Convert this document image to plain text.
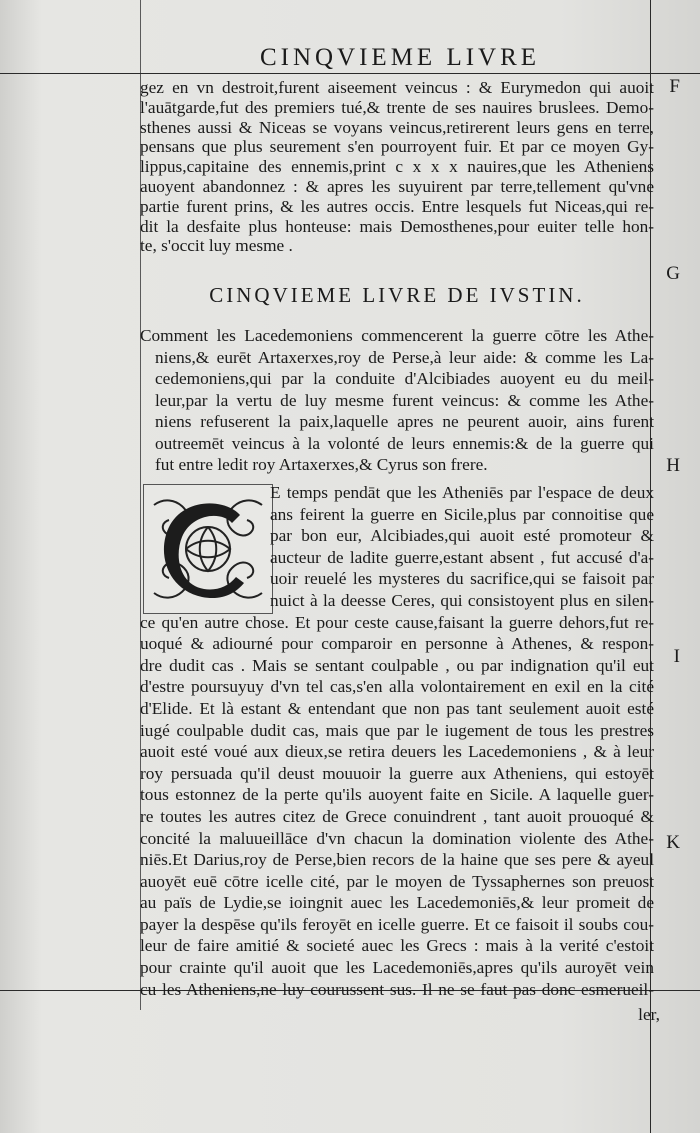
CINQVIEME LIVRE
F
G
H
I
K
gez en vn destroit,furent aiseement veincus : & Eurymedon qui auoit
l'auātgarde,fut des premiers tué,& trente de ses nauires bruslees. Demo-
sthenes aussi & Niceas se voyans veincus,retirerent leurs gens en terre,
pensans que plus seurement s'en pourroyent fuir. Et par ce moyen Gy-
lippus,capitaine des ennemis,print c x x x nauires,que les Atheniens
auoyent abandonnez : & apres les suyuirent par terre,tellement qu'vne
partie furent prins, & les autres occis. Entre lesquels fut Niceas,qui re-
dit la desfaite plus honteuse: mais Demosthenes,pour euiter telle hon-
te, s'occit luy mesme .
CINQVIEME LIVRE DE IVSTIN.
Comment les Lacedemoniens commencerent la guerre cōtre les Athe-
niens,& eurēt Artaxerxes,roy de Perse,à leur aide: & comme les La-
cedemoniens,qui par la conduite d'Alcibiades auoyent eu du meil-
leur,par la vertu de luy mesme furent veincus: & comme les Athe-
niens refuserent la paix,laquelle apres ne peurent auoir, ains furent
outreemēt veincus à la volonté de leurs ennemis:& de la guerre qui
fut entre ledit roy Artaxerxes,& Cyrus son frere.
E temps pendāt que les Atheniēs par l'espace de deux
ans feirent la guerre en Sicile,plus par connoitise que
par bon eur, Alcibiades,qui auoit esté promoteur &
aucteur de ladite guerre,estant absent , fut accusé d'a-
uoir reuelé les mysteres du sacrifice,qui se faisoit par
nuict à la deesse Ceres, qui consistoyent plus en silen-
ce qu'en autre chose. Et pour ceste cause,faisant la guerre dehors,fut re-
uoqué & adiourné pour comparoir en personne à Athenes, & respon-
dre dudit cas . Mais se sentant coulpable , ou par indignation qu'il eut
d'estre poursuyuy d'vn tel cas,s'en alla volontairement en exil en la cité
d'Elide. Et là estant & entendant que non pas tant seulement auoit esté
iugé coulpable dudit cas, mais que par le iugement de tous les prestres
auoit esté voué aux dieux,se retira deuers les Lacedemoniens , & à leur
roy persuada qu'il deust mouuoir la guerre aux Atheniens, qui estoyēt
tous estonnez de la perte qu'ils auoyent faite en Sicile. A laquelle guer-
re toutes les autres citez de Grece conuindrent , tant auoit prouoqué &
concité la maluueillāce d'vn chacun la domination violente des Athe-
niēs.Et Darius,roy de Perse,bien recors de la haine que ses pere & ayeul
auoyēt euē cōtre icelle cité, par le moyen de Tyssaphernes son preuost
au païs de Lydie,se ioingnit auec les Lacedemoniēs,& leur promeit de
payer la despēse qu'ils feroyēt en icelle guerre. Et ce faisoit il soubs cou-
leur de faire amitié & societé auec les Grecs : mais à la verité c'estoit
pour crainte qu'il auoit que les Lacedemoniēs,apres qu'ils auroyēt vein
cu les Atheniens,ne luy courussent sus. Il ne se faut pas donc esmerueil-
ler,
